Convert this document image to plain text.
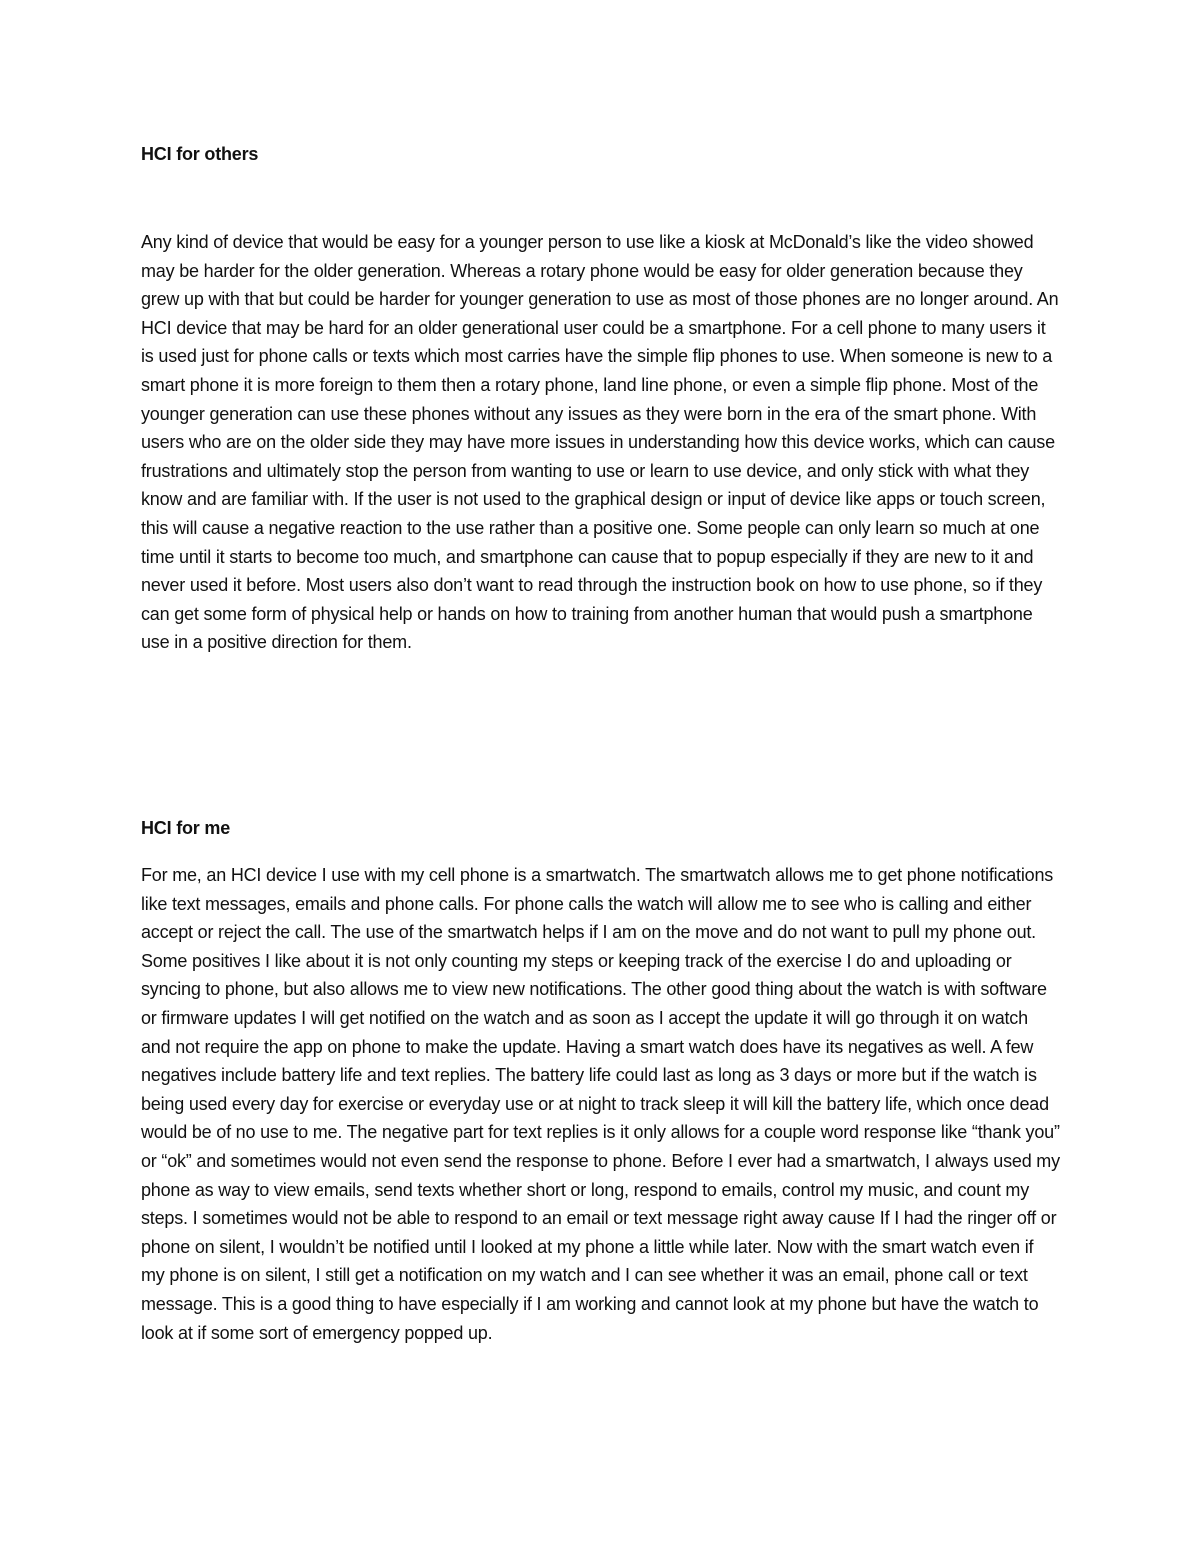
HCI for others

Any kind of device that would be easy for a younger person to use like a kiosk at McDonald’s like the video showed may be harder for the older generation. Whereas a rotary phone would be easy for older generation because they grew up with that but could be harder for younger generation to use as most of those phones are no longer around. An HCI device that may be hard for an older generational user could be a smartphone. For a cell phone to many users it is used just for phone calls or texts which most carries have the simple flip phones to use. When someone is new to a smart phone it is more foreign to them then a rotary phone, land line phone, or even a simple flip phone. Most of the younger generation can use these phones without any issues as they were born in the era of the smart phone. With users who are on the older side they may have more issues in understanding how this device works, which can cause frustrations and ultimately stop the person from wanting to use or learn to use device, and only stick with what they know and are familiar with. If the user is not used to the graphical design or input of device like apps or touch screen, this will cause a negative reaction to the use rather than a positive one. Some people can only learn so much at one time until it starts to become too much, and smartphone can cause that to popup especially if they are new to it and never used it before. Most users also don’t want to read through the instruction book on how to use phone, so if they can get some form of physical help or hands on how to training from another human that would push a smartphone use in a positive direction for them.

HCI for me

For me, an HCI device I use with my cell phone is a smartwatch. The smartwatch allows me to get phone notifications like text messages, emails and phone calls. For phone calls the watch will allow me to see who is calling and either accept or reject the call. The use of the smartwatch helps if I am on the move and do not want to pull my phone out. Some positives I like about it is not only counting my steps or keeping track of the exercise I do and uploading or syncing to phone, but also allows me to view new notifications. The other good thing about the watch is with software or firmware updates I will get notified on the watch and as soon as I accept the update it will go through it on watch and not require the app on phone to make the update. Having a smart watch does have its negatives as well. A few negatives include battery life and text replies. The battery life could last as long as 3 days or more but if the watch is being used every day for exercise or everyday use or at night to track sleep it will kill the battery life, which once dead would be of no use to me. The negative part for text replies is it only allows for a couple word response like “thank you” or “ok” and sometimes would not even send the response to phone. Before I ever had a smartwatch, I always used my phone as way to view emails, send texts whether short or long, respond to emails, control my music, and count my steps. I sometimes would not be able to respond to an email or text message right away cause If I had the ringer off or phone on silent, I wouldn’t be notified until I looked at my phone a little while later. Now with the smart watch even if my phone is on silent, I still get a notification on my watch and I can see whether it was an email, phone call or text message. This is a good thing to have especially if I am working and cannot look at my phone but have the watch to look at if some sort of emergency popped up.
